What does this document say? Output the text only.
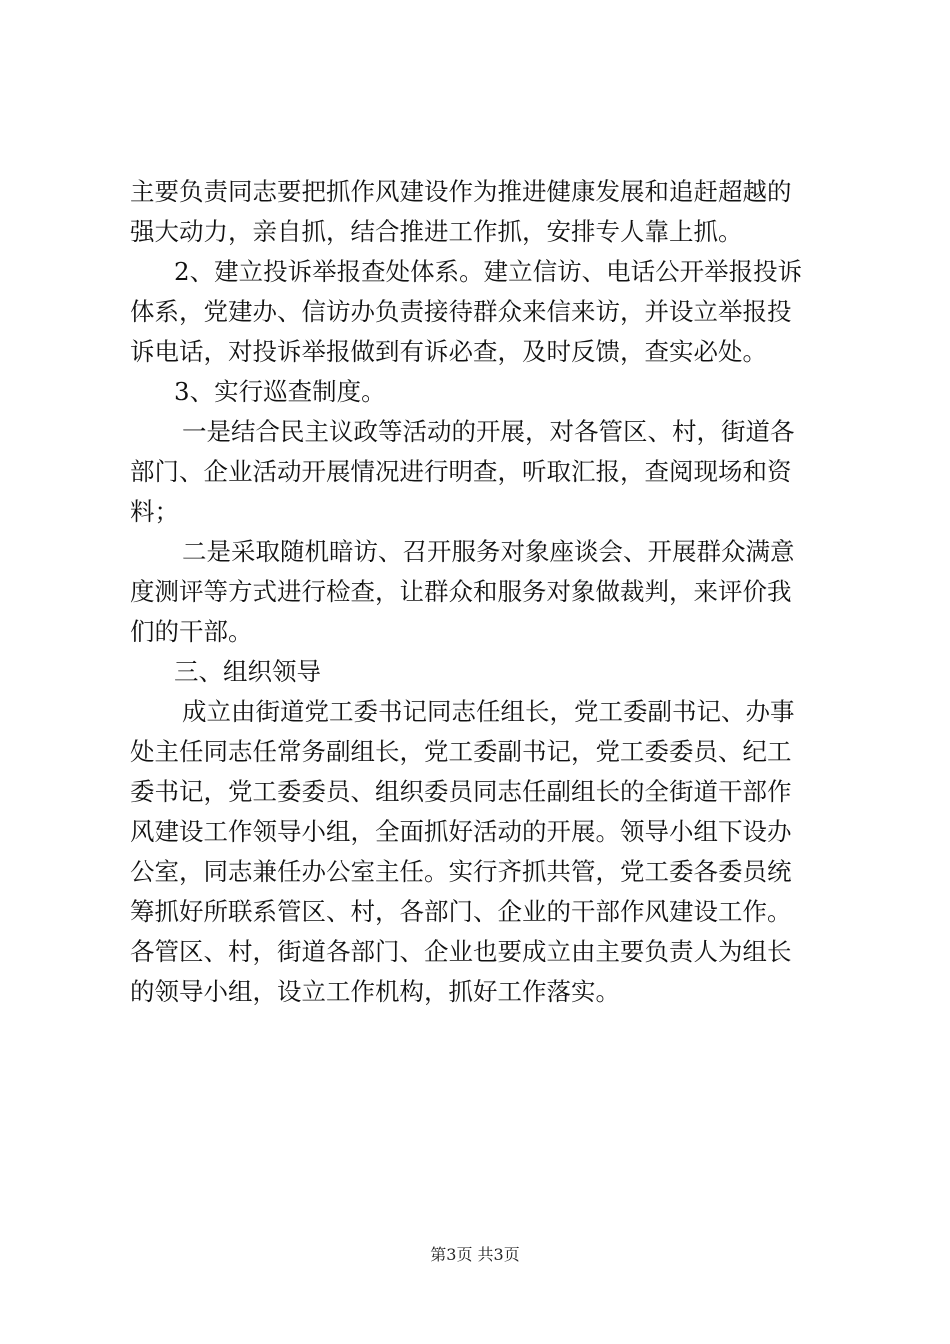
主要负责同志要把抓作风建设作为推进健康发展和追赶超越的
强大动力，亲自抓，结合推进工作抓，安排专人靠上抓。
2、建立投诉举报查处体系。建立信访、电话公开举报投诉
体系，党建办、信访办负责接待群众来信来访，并设立举报投
诉电话，对投诉举报做到有诉必查，及时反馈，查实必处。
3、实行巡查制度。
一是结合民主议政等活动的开展，对各管区、村，街道各
部门、企业活动开展情况进行明查，听取汇报，查阅现场和资
料；
二是采取随机暗访、召开服务对象座谈会、开展群众满意
度测评等方式进行检查，让群众和服务对象做裁判，来评价我
们的干部。
三、组织领导
成立由街道党工委书记同志任组长，党工委副书记、办事
处主任同志任常务副组长，党工委副书记，党工委委员、纪工
委书记，党工委委员、组织委员同志任副组长的全街道干部作
风建设工作领导小组，全面抓好活动的开展。领导小组下设办
公室，同志兼任办公室主任。实行齐抓共管，党工委各委员统
筹抓好所联系管区、村，各部门、企业的干部作风建设工作。
各管区、村，街道各部门、企业也要成立由主要负责人为组长
的领导小组，设立工作机构，抓好工作落实。
第3页 共3页
